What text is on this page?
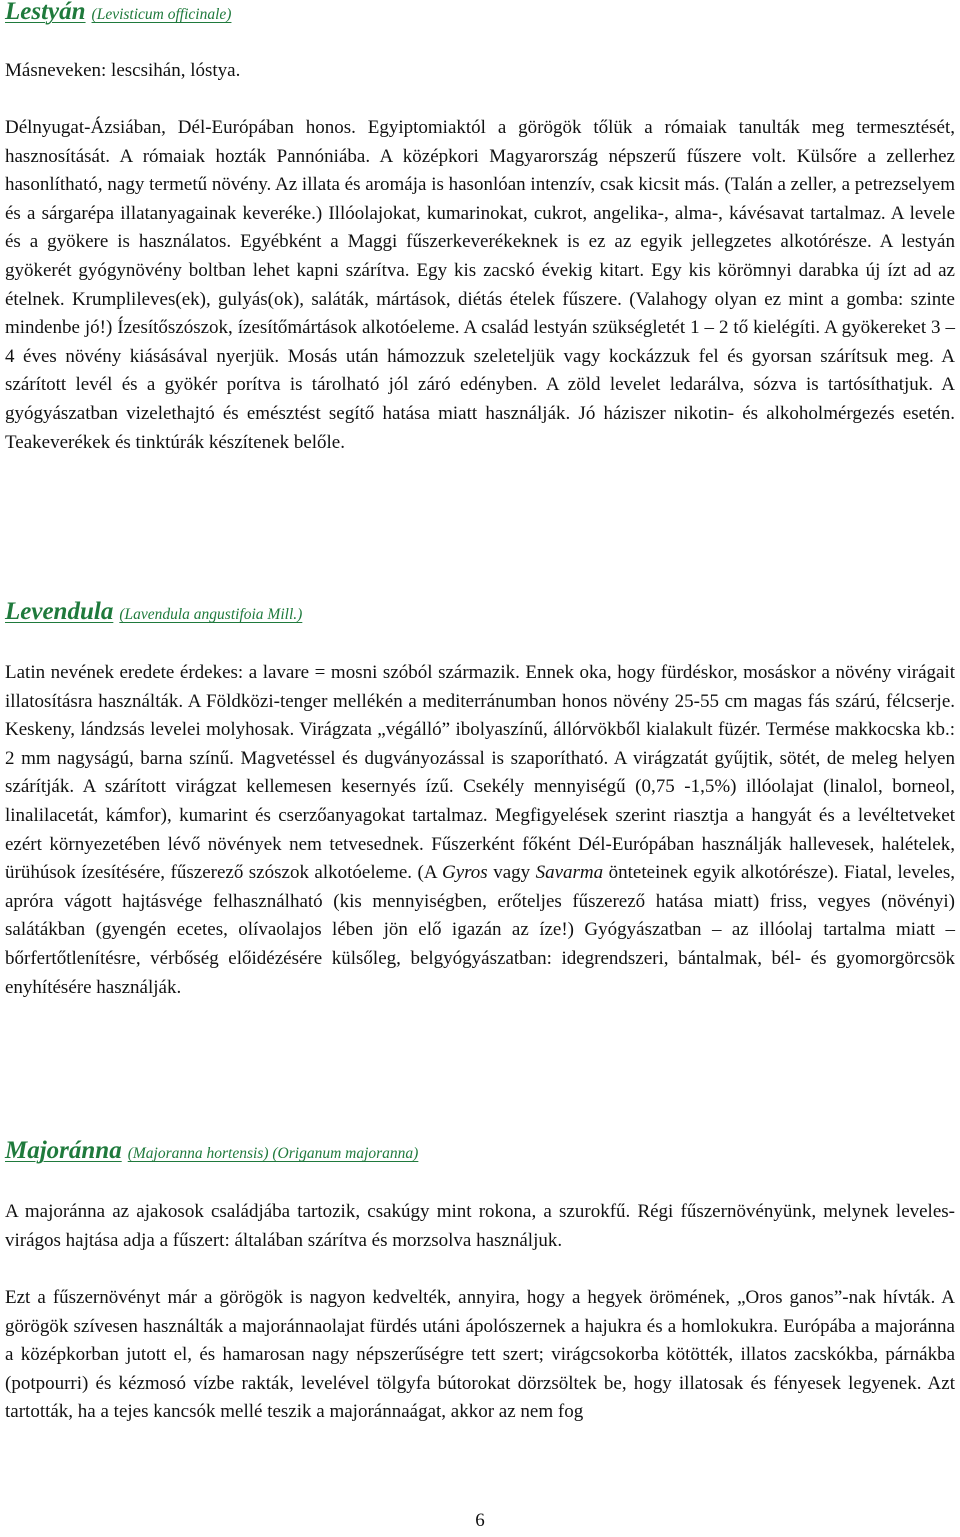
Lestyán (Levisticum officinale)

Másneveken: lescsihán, lóstya.

Délnyugat-Ázsiában, Dél-Európában honos. Egyiptomiaktól a görögök tőlük a rómaiak tanulták meg termesztését, hasznosítását. A rómaiak hozták Pannóniába. A középkori Magyarország népszerű fűszere volt. Külsőre a zellerhez hasonlítható, nagy termetű növény. Az illata és aromája is hasonlóan intenzív, csak kicsit más. (Talán a zeller, a petrezselyem és a sárgarépa illatanyagainak keveréke.) Illóolajokat, kumarinokat, cukrot, angelika-, alma-, kávésavat tartalmaz. A levele és a gyökere is használatos. Egyébként a Maggi fűszerkeverékeknek is ez az egyik jellegzetes alkotórésze. A lestyán gyökerét gyógynövény boltban lehet kapni szárítva. Egy kis zacskó évekig kitart. Egy kis körömnyi darabka új ízt ad az ételnek. Krumplileves(ek), gulyás(ok), saláták, mártások, diétás ételek fűszere. (Valahogy olyan ez mint a gomba: szinte mindenbe jó!) Ízesítőszószok, ízesítőmártások alkotóeleme. A család lestyán szükségletét 1 – 2 tő kielégíti. A gyökereket 3 – 4 éves növény kiásásával nyerjük. Mosás után hámozzuk szeleteljük vagy kockázzuk fel és gyorsan szárítsuk meg. A szárított levél és a gyökér porítva is tárolható jól záró edényben. A zöld levelet ledarálva, sózva is tartósíthatjuk. A gyógyászatban vizelethajtó és emésztést segítő hatása miatt használják. Jó háziszer nikotin- és alkoholmérgezés esetén. Teakeverékek és tinktúrák készítenek belőle.

Levendula (Lavendula angustifoia Mill.)

Latin nevének eredete érdekes: a lavare = mosni szóból származik. Ennek oka, hogy fürdéskor, mosáskor a növény virágait illatosításra használták. A Földközi-tenger mellékén a mediterránumban honos növény 25-55 cm magas fás szárú, félcserje. Keskeny, lándzsás levelei molyhosak. Virágzata „végálló” ibolyaszínű, állórvökből kialakult füzér. Termése makkocska kb.: 2 mm nagyságú, barna színű. Magvetéssel és dugványozással is szaporítható. A virágzatát gyűjtik, sötét, de meleg helyen szárítják. A szárított virágzat kellemesen kesernyés ízű. Csekély mennyiségű (0,75 -1,5%) illóolajat (linalol, borneol, linalilacetát, kámfor), kumarint és cserzőanyagokat tartalmaz. Megfigyelések szerint riasztja a hangyát és a levéltetveket ezért környezetében lévő növények nem tetvesednek. Fűszerként főként Dél-Európában használják hallevesek, halételek, ürühúsok ízesítésére, fűszerező szószok alkotóeleme. (A Gyros vagy Savarma önteteinek egyik alkotórésze). Fiatal, leveles, apróra vágott hajtásvége felhasználható (kis mennyiségben, erőteljes fűszerező hatása miatt) friss, vegyes (növényi) salátákban (gyengén ecetes, olívaolajos lében jön elő igazán az íze!) Gyógyászatban – az illóolaj tartalma miatt – bőrfertőtlenítésre, vérbőség előidézésére külsőleg, belgyógyászatban: idegrendszeri, bántalmak, bél- és gyomorgörcsök enyhítésére használják.

Majoránna (Majoranna hortensis) (Origanum majoranna)

A majoránna az ajakosok családjába tartozik, csakúgy mint rokona, a szurokfű. Régi fűszernövényünk, melynek leveles-virágos hajtása adja a fűszert: általában szárítva és morzsolva használjuk.

Ezt a fűszernövényt már a görögök is nagyon kedvelték, annyira, hogy a hegyek örömének, „Oros ganos”-nak hívták. A görögök szívesen használták a majoránnaolajat fürdés utáni ápolószernek a hajukra és a homlokukra. Európába a majoránna a középkorban jutott el, és hamarosan nagy népszerűségre tett szert; virágcsokorba kötötték, illatos zacskókba, párnákba (potpourri) és kézmosó vízbe rakták, levelével tölgyfa bútorokat dörzsöltek be, hogy illatosak és fényesek legyenek. Azt tartották, ha a tejes kancsók mellé teszik a majoránnaágat, akkor az nem fog

6
